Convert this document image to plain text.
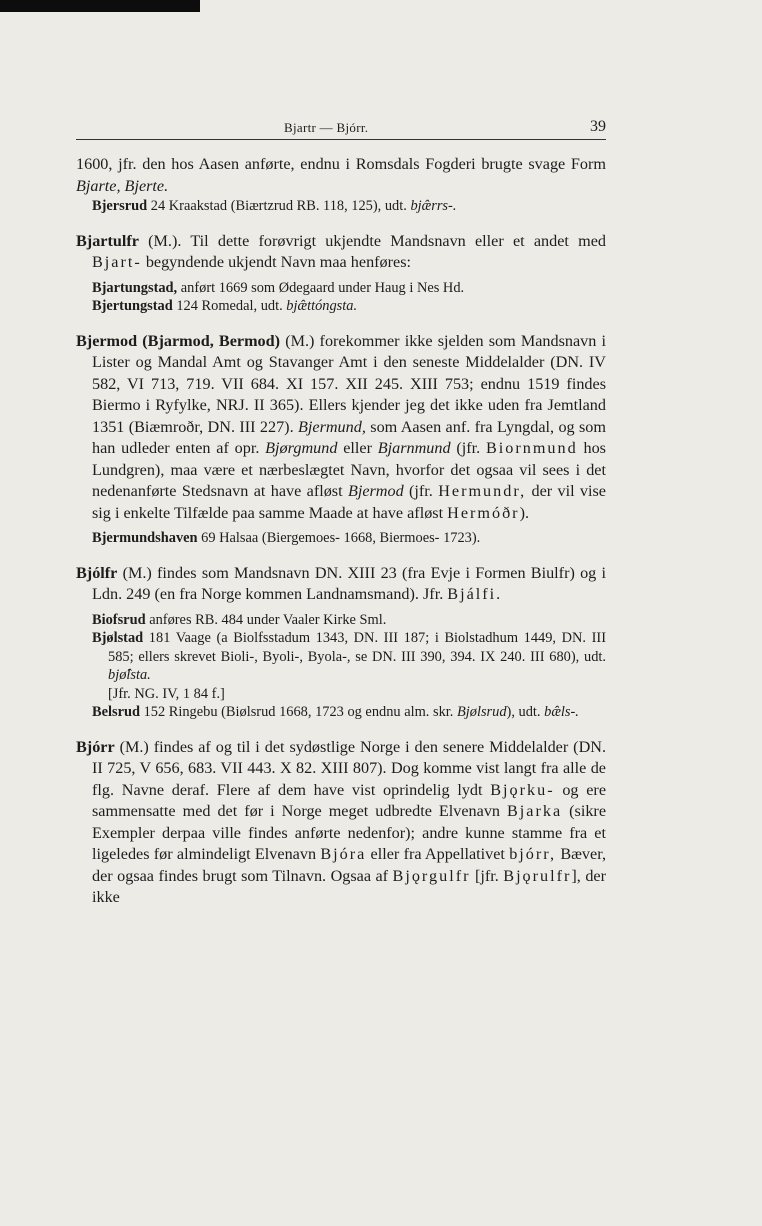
Bjartr — Bjórr.	39

1600, jfr. den hos Aasen anførte, endnu i Romsdals Fogderi brugte svage Form Bjarte, Bjerte.

Bjersrud 24 Kraakstad (Biærtzrud RB. 118, 125), udt. bjæ̂rrs-.

Bjartulfr (M.). Til dette forøvrigt ukjendte Mandsnavn eller et andet med Bjart- begyndende ukjendt Navn maa henføres:

Bjartungstad, anført 1669 som Ødegaard under Haug i Nes Hd.

Bjertungstad 124 Romedal, udt. bjæ̂ttóngsta.

Bjermod (Bjarmod, Bermod) (M.) forekommer ikke sjelden som Mandsnavn i Lister og Mandal Amt og Stavanger Amt i den seneste Middelalder (DN. IV 582, VI 713, 719. VII 684. XI 157. XII 245. XIII 753; endnu 1519 findes Biermo i Ryfylke, NRJ. II 365). Ellers kjender jeg det ikke uden fra Jemtland 1351 (Biæmroðr, DN. III 227). Bjermund, som Aasen anf. fra Lyngdal, og som han udleder enten af opr. Bjørgmund eller Bjarnmund (jfr. Biornmund hos Lundgren), maa være et nærbeslægtet Navn, hvorfor det ogsaa vil sees i det nedenanførte Stedsnavn at have afløst Bjermod (jfr. Hermundr, der vil vise sig i enkelte Tilfælde paa samme Maade at have afløst Hermóðr).

Bjermundshaven 69 Halsaa (Biergemoes- 1668, Biermoes- 1723).

Bjólfr (M.) findes som Mandsnavn DN. XIII 23 (fra Evje i Formen Biulfr) og i Ldn. 249 (en fra Norge kommen Landnamsmand). Jfr. Bjálfi.

Biofsrud anføres RB. 484 under Vaaler Kirke Sml.

Bjølstad 181 Vaage (a Biolfsstadum 1343, DN. III 187; i Biolstadhum 1449, DN. III 585; ellers skrevet Bioli-, Byoli-, Byola-, se DN. III 390, 394. IX 240. III 680), udt. bjø̂lsta.
[Jfr. NG. IV, 1 84 f.]

Belsrud 152 Ringebu (Biølsrud 1668, 1723 og endnu alm. skr. Bjølsrud), udt. bæ̂ls-.

Bjórr (M.) findes af og til i det sydøstlige Norge i den senere Middelalder (DN. II 725, V 656, 683. VII 443. X 82. XIII 807). Dog komme vist langt fra alle de flg. Navne deraf. Flere af dem have vist oprindelig lydt Bjǫrku- og ere sammensatte med det før i Norge meget udbredte Elvenavn Bjarka (sikre Exempler derpaa ville findes anførte nedenfor); andre kunne stamme fra et ligeledes før almindeligt Elvenavn Bjóra eller fra Appellativet bjórr, Bæver, der ogsaa findes brugt som Tilnavn. Ogsaa af Bjǫrgulfr [jfr. Bjǫrulfr], der ikke
